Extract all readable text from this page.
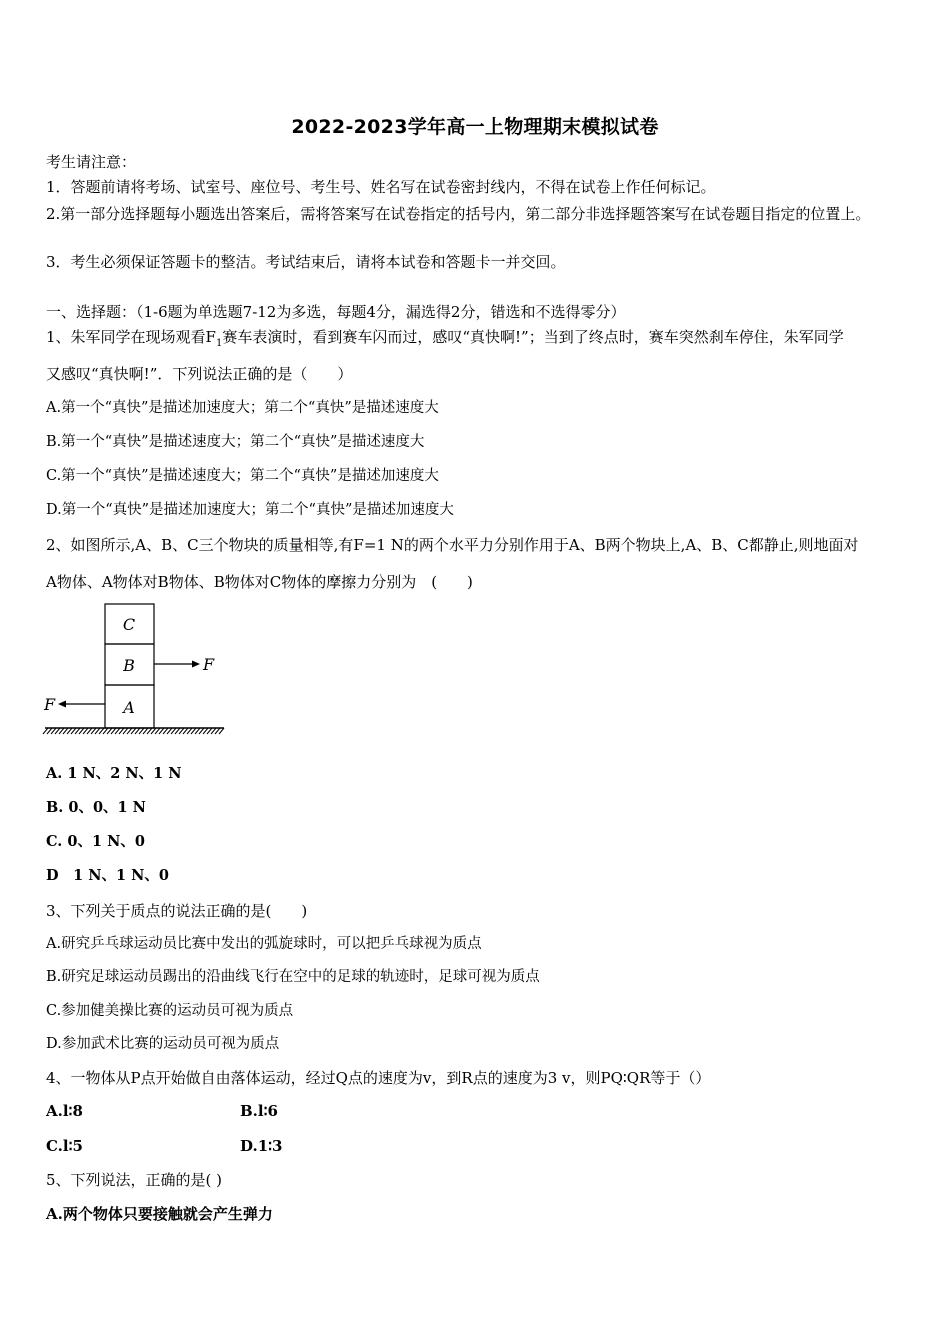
2022-2023学年高一上物理期末模拟试卷
考生请注意：
1．答题前请将考场、试室号、座位号、考生号、姓名写在试卷密封线内，不得在试卷上作任何标记。
2.第一部分选择题每小题选出答案后，需将答案写在试卷指定的括号内，第二部分非选择题答案写在试卷题目指定的位置上。
3．考生必须保证答题卡的整洁。考试结束后，请将本试卷和答题卡一并交回。
一、选择题：（1-6题为单选题7-12为多选，每题4分，漏选得2分，错选和不选得零分）
1、朱军同学在现场观看$F_1$赛车表演时，看到赛车闪而过，感叹“真快啊!”；当到了终点时，赛车突然刹车停住，朱军同学
又感叹“真快啊!”．下列说法正确的是（　　）
A.第一个“真快”是描述加速度大；第二个“真快”是描述速度大
B.第一个“真快”是描述速度大；第二个“真快”是描述速度大
C.第一个“真快”是描述速度大；第二个“真快”是描述加速度大
D.第一个“真快”是描述加速度大；第二个“真快”是描述加速度大
2、如图所示,A、B、C三个物块的质量相等,有F=1 N的两个水平力分别作用于A、B两个物块上,A、B、C都静止,则地面对
A物体、A物体对B物体、B物体对C物体的摩擦力分别为　(　　)
C
B
A
F
F
A. 1 N、2 N、1 N
B. 0、0、1 N
C. 0、1 N、0
D　1 N、1 N、0
3、下列关于质点的说法正确的是(　　)
A.研究乒乓球运动员比赛中发出的弧旋球时，可以把乒乓球视为质点
B.研究足球运动员踢出的沿曲线飞行在空中的足球的轨迹时，足球可视为质点
C.参加健美操比赛的运动员可视为质点
D.参加武术比赛的运动员可视为质点
4、一物体从P点开始做自由落体运动，经过Q点的速度为v，到R点的速度为3 v，则PQ∶QR等于（）
A.l∶8	B.l∶6
C.l∶5	D.1∶3
5、下列说法，正确的是( )
A.两个物体只要接触就会产生弹力
